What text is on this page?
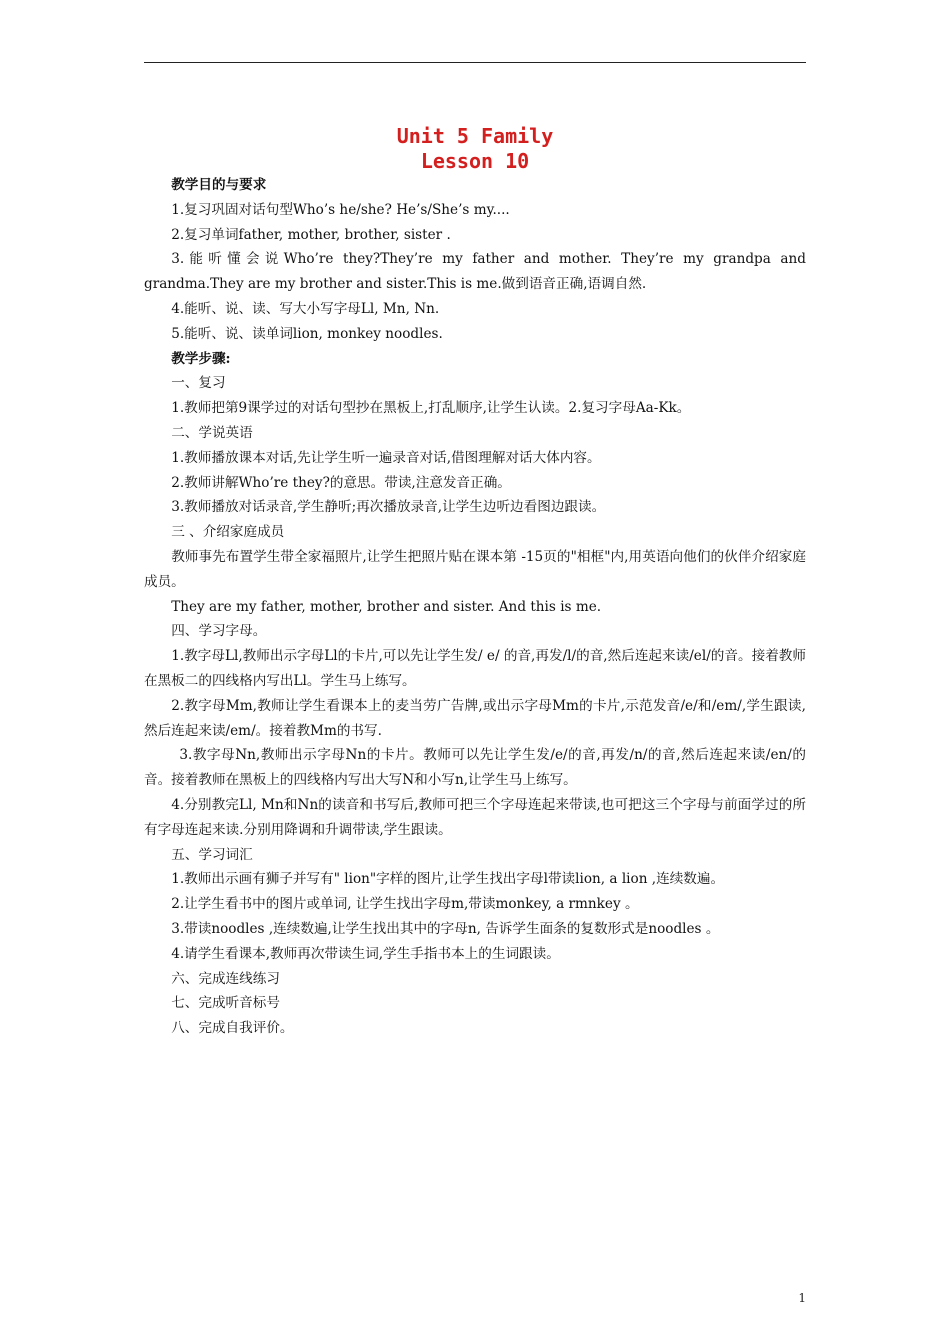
Unit 5 Family
Lesson 10

教学目的与要求

1.复习巩固对话句型Who’s he/she? He’s/She’s my....

2.复习单词father, mother, brother, sister .

3.能听懂会说Who’re they?They’re my father and mother. They’re my grandpa and grandma.They are my brother and sister.This is me.做到语音正确,语调自然.

4.能听、说、读、写大小写字母Ll, Mn, Nn.

5.能听、说、读单词lion, monkey noodles.

教学步骤:

一、复习

1.教师把第9课学过的对话句型抄在黑板上,打乱顺序,让学生认读。2.复习字母Aa-Kk。

二、学说英语

1.教师播放课本对话,先让学生听一遍录音对话,借图理解对话大体内容。

2.教师讲解Who’re they?的意思。带读,注意发音正确。

3.教师播放对话录音,学生静听;再次播放录音,让学生边听边看图边跟读。

三 、介绍家庭成员

教师事先布置学生带全家福照片,让学生把照片贴在课本第 -15页的"相框"内,用英语向他们的伙伴介绍家庭成员。

They are my father, mother, brother and sister. And this is me.

四、学习字母。

1.教字母Ll,教师出示字母Ll的卡片,可以先让学生发/ e/ 的音,再发/l/的音,然后连起来读/el/的音。接着教师在黑板二的四线格内写出Ll。学生马上练写。

2.教字母Mm,教师让学生看课本上的麦当劳广告牌,或出示字母Mm的卡片,示范发音/e/和/em/,学生跟读,然后连起来读/em/。接着教Mm的书写.

3.教字母Nn,教师出示字母Nn的卡片。教师可以先让学生发/e/的音,再发/n/的音,然后连起来读/en/的音。接着教师在黑板上的四线格内写出大写N和小写n,让学生马上练写。

4.分别教完Ll, Mn和Nn的读音和书写后,教师可把三个字母连起来带读,也可把这三个字母与前面学过的所有字母连起来读.分别用降调和升调带读,学生跟读。

五、学习词汇

1.教师出示画有狮子并写有" lion"字样的图片,让学生找出字母l带读lion, a lion ,连续数遍。

2.让学生看书中的图片或单词, 让学生找出字母m,带读monkey, a rmnkey 。

3.带读noodles ,连续数遍,让学生找出其中的字母n, 告诉学生面条的复数形式是noodles 。

4.请学生看课本,教师再次带读生词,学生手指书本上的生词跟读。

六、完成连线练习

七、完成听音标号

八、完成自我评价。

1
